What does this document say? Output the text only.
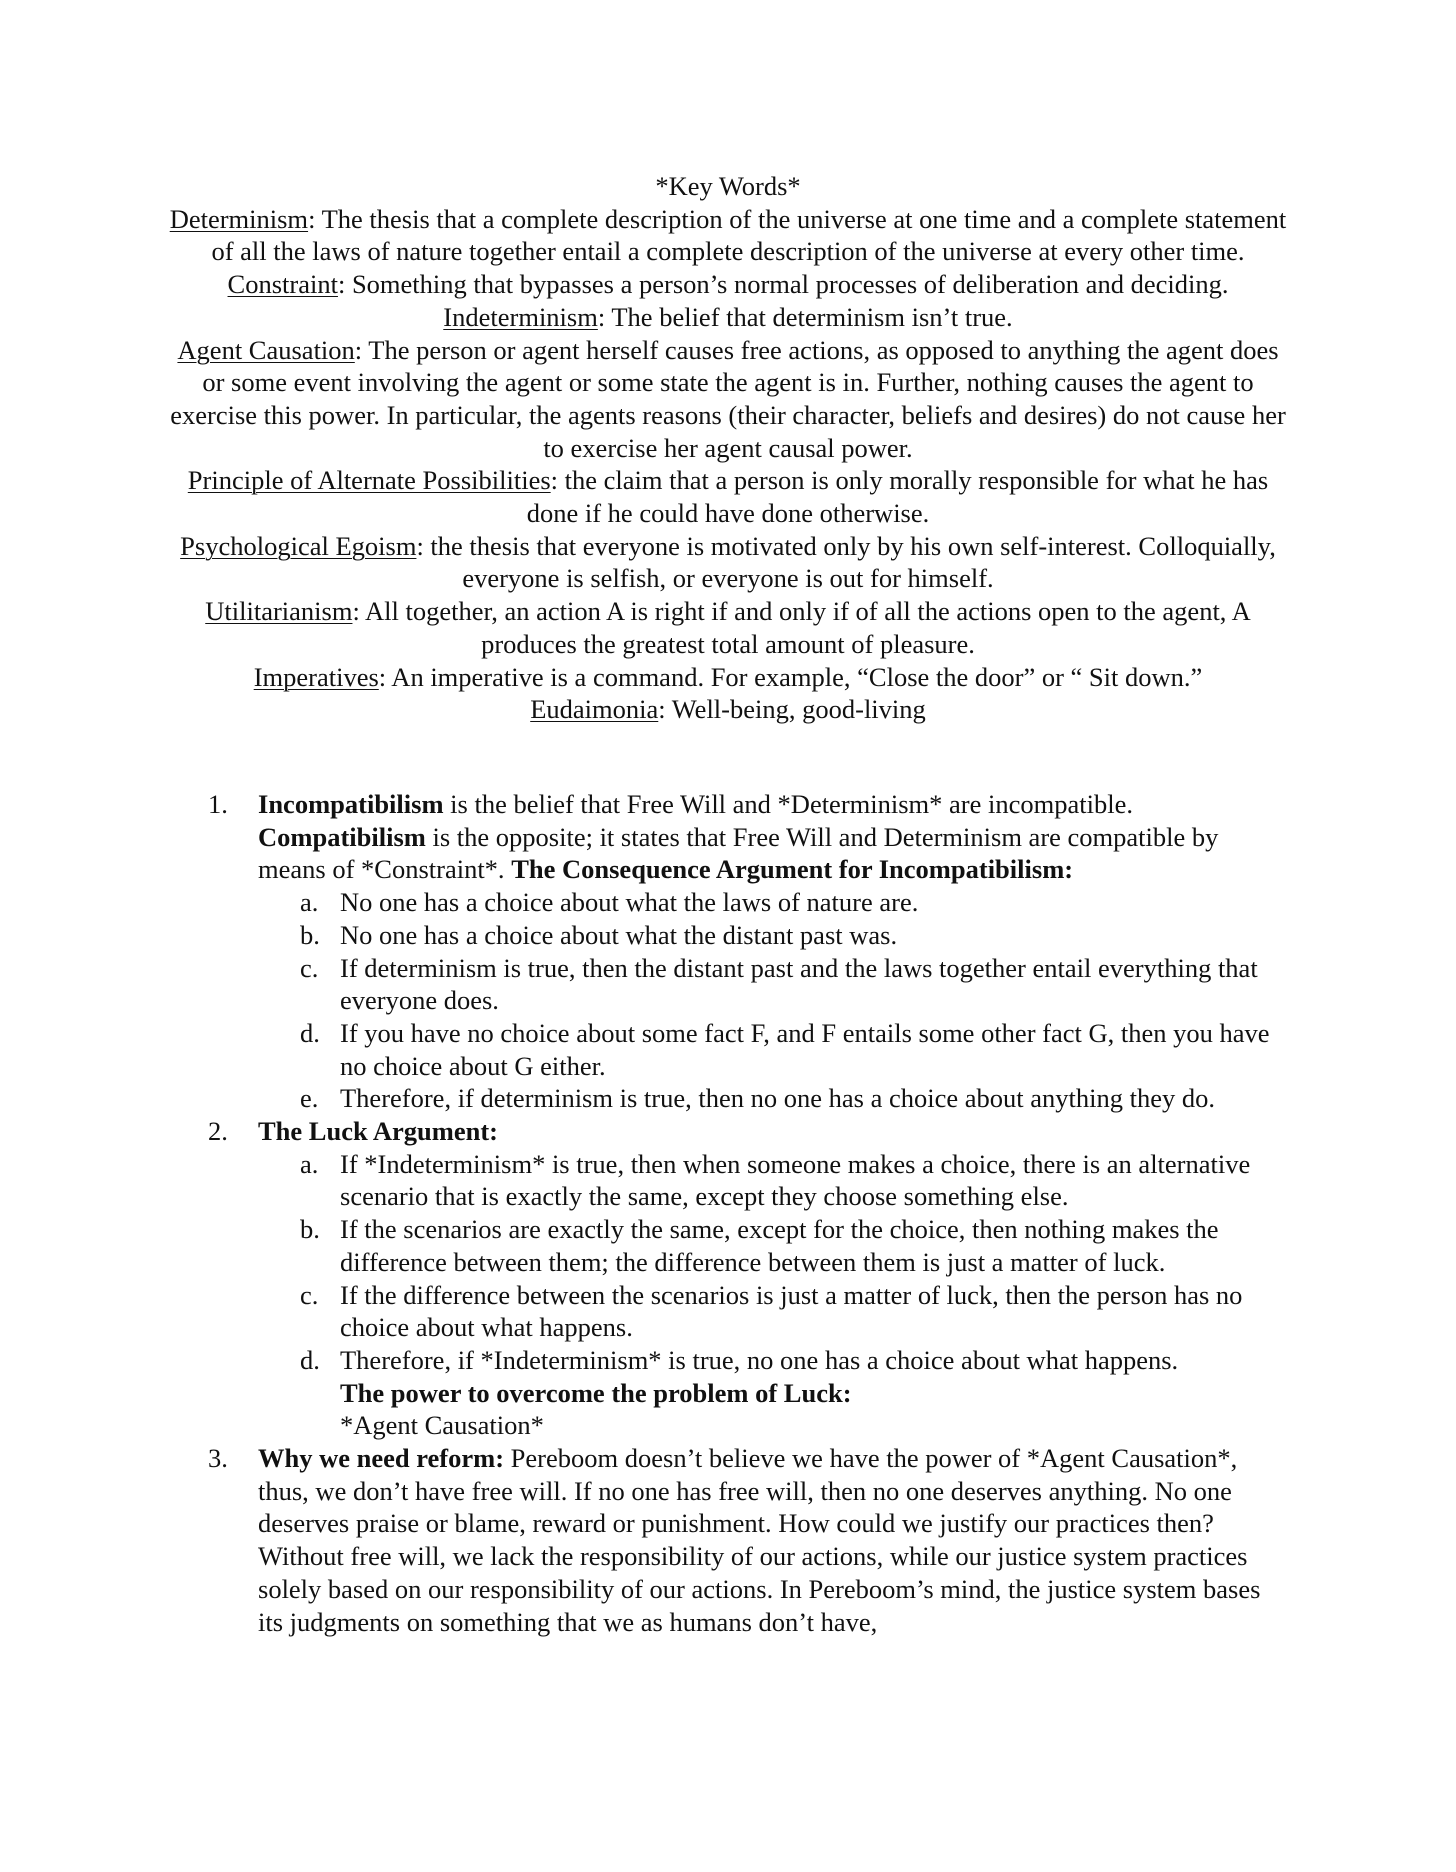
*Key Words*

Determinism: The thesis that a complete description of the universe at one time and a complete statement of all the laws of nature together entail a complete description of the universe at every other time.

Constraint: Something that bypasses a person’s normal processes of deliberation and deciding.

Indeterminism: The belief that determinism isn’t true.

Agent Causation: The person or agent herself causes free actions, as opposed to anything the agent does or some event involving the agent or some state the agent is in. Further, nothing causes the agent to exercise this power. In particular, the agents reasons (their character, beliefs and desires) do not cause her to exercise her agent causal power.

Principle of Alternate Possibilities: the claim that a person is only morally responsible for what he has done if he could have done otherwise.

Psychological Egoism: the thesis that everyone is motivated only by his own self-interest. Colloquially, everyone is selfish, or everyone is out for himself.

Utilitarianism: All together, an action A is right if and only if of all the actions open to the agent, A produces the greatest total amount of pleasure.

Imperatives: An imperative is a command. For example, “Close the door” or “ Sit down.”

Eudaimonia: Well-being, good-living

1.	Incompatibilism is the belief that Free Will and *Determinism* are incompatible. Compatibilism is the opposite; it states that Free Will and Determinism are compatible by means of *Constraint*. The Consequence Argument for Incompatibilism:

a. No one has a choice about what the laws of nature are.
b. No one has a choice about what the distant past was.
c. If determinism is true, then the distant past and the laws together entail everything that everyone does.
d. If you have no choice about some fact F, and F entails some other fact G, then you have no choice about G either.
e. Therefore, if determinism is true, then no one has a choice about anything they do.
2.	The Luck Argument:

a. If *Indeterminism* is true, then when someone makes a choice, there is an alternative scenario that is exactly the same, except they choose something else.
b. If the scenarios are exactly the same, except for the choice, then nothing makes the difference between them; the difference between them is just a matter of luck.
c. If the difference between the scenarios is just a matter of luck, then the person has no choice about what happens.
d. Therefore, if *Indeterminism* is true, no one has a choice about what happens.
The power to overcome the problem of Luck:
*Agent Causation*
3.	Why we need reform: Pereboom doesn’t believe we have the power of *Agent Causation*, thus, we don’t have free will. If no one has free will, then no one deserves anything. No one deserves praise or blame, reward or punishment. How could we justify our practices then? Without free will, we lack the responsibility of our actions, while our justice system practices solely based on our responsibility of our actions. In Pereboom’s mind, the justice system bases its judgments on something that we as humans don’t have,
